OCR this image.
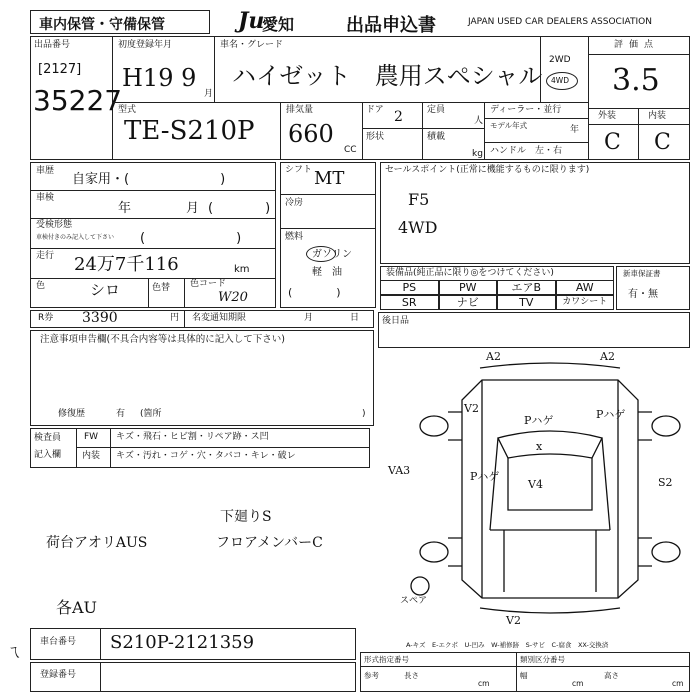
車内保管・守備保管	Ju
愛知	出品申込書	JAPAN USED CAR DEALERS ASSOCIATION
出品番号
[2127]
35227
初度登録年月
H19 9
月
車名・グレード
ハイゼット　農用スペシャル
2WD
4WD
評価点
3.5
外装	内装
C C
型式
TE-S210P
排気量
660
CC
ドア 2
形状
定員
人
積載
kg
ディーラー・並行
モデル年式	年
ハンドル　左・右
車歴
自家用・(　　　　　　　)
車検
年	月 (　　　　)
受検形態
車検付きのみ記入して下さい (　　　　　　　)
走行 24万7千116	km
色	シロ	色替 色コード
W20
シフト MT
冷房
燃料
ガソリン
軽　油
(　　　　)
セールスポイント(正常に機能するものに限ります)
F5
4WD
装備品(純正品に限り◎をつけてください)
PS	PW	エアB	AW
SR	ナビ	TV	カワシート
新車保証書
有・無
R券 3390	円 名変通知期限	月	日
注意事項申告欄(不具合内容等は具体的に記入して下さい)
修復歴	有 (箇所	)
後日品
検査員
記入欄
FW キズ・飛石・ヒビ割・リペア跡・ス凹
内装 キズ・汚れ・コゲ・穴・タバコ・キレ・破レ
下廻りS
荷台アオリAUS	フロアメンバーC
各AU
ㄟ
A2	A2
V2
Pハゲ	Pハゲ
x
Pハゲ
V4
VA3
S2
V2
スペア
A-キズ　E-エクボ　U-凹み　W-補修跡　S-サビ　C-腐食　XX-交換済
車台番号 S210P-2121359
登録番号
形式指定番号	類別区分番号
参考	長さ
cm
幅
cm
高さ
cm
